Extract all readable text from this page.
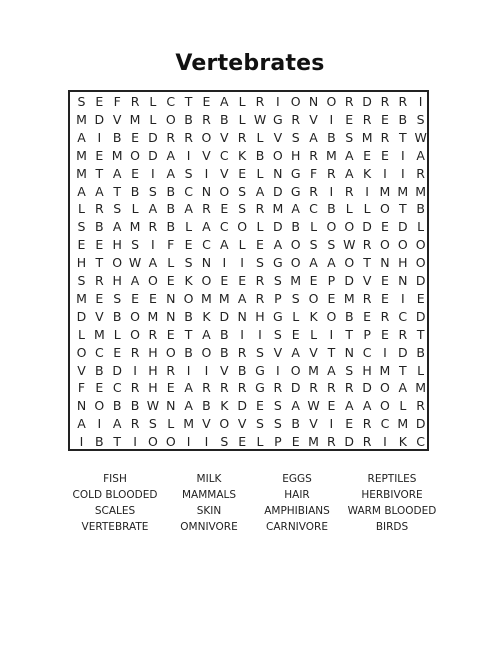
Vertebrates
S E F R L C T E A L R I O N O R D R R I
M D V M L O B R B L W G R V I E R E B S
A I B E D R R O V R L V S A B S M R T W
M E M O D A I V C K B O H R M A E E I A
M T A E I A S I V E L N G F R A K I	I R
A A T B S B C N O S A D G R I R I M M M
L R S L A B A R E S R M A C B L L O T B
S B A M R B L A C O L D B L O O D E D L
E E H S I F E C A L E A O S S W R O O O
H T O W A L S N I	I S G O A A O T N H O
S R H A O E K O E E R S M E P D V E N D
M E S E E N O M M A R P S O E M R E I E
D V B O M N B K D N H G L K O B E R C D
L M L O R E T A B I	I S E L	I T P E R T
O C E R H O B O B R S V A V T N C I D B
V B D I H R I	I V B G I O M A S H M T L
F E C R H E A R R R G R D R R R D O A M
N O B B W N A B K D E S A W E A A O L R
A I A R S L M V O V S S B V I E R C M D
I B T I O O I	I S E L P E M R D R I K C
FISH	MILK	EGGS	REPTILES
COLD BLOODED	MAMMALS	HAIR	HERBIVORE
SCALES	SKIN	AMPHIBIANS	WARM BLOODED
VERTEBRATE	OMNIVORE	CARNIVORE	BIRDS
